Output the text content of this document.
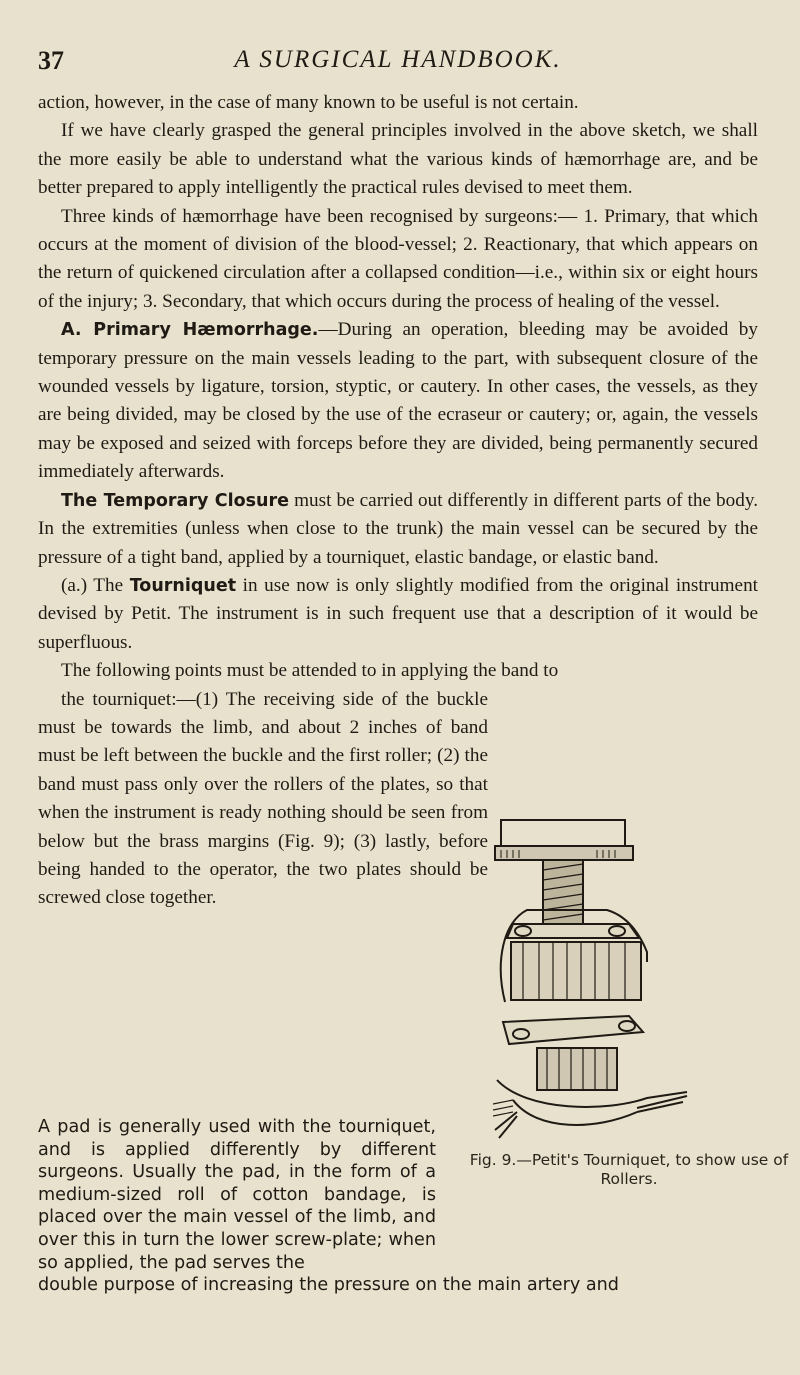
37	A SURGICAL HANDBOOK.

action, however, in the case of many known to be useful is not certain.

If we have clearly grasped the general principles involved in the above sketch, we shall the more easily be able to understand what the various kinds of hæmorrhage are, and be better prepared to apply intelligently the practical rules devised to meet them.

Three kinds of hæmorrhage have been recognised by surgeons:— 1. Primary, that which occurs at the moment of division of the blood-vessel; 2. Reactionary, that which appears on the return of quickened circulation after a collapsed condition—i.e., within six or eight hours of the injury; 3. Secondary, that which occurs during the process of healing of the vessel.

A. Primary Hæmorrhage.—During an operation, bleeding may be avoided by temporary pressure on the main vessels leading to the part, with subsequent closure of the wounded vessels by ligature, torsion, styptic, or cautery. In other cases, the vessels, as they are being divided, may be closed by the use of the ecraseur or cautery; or, again, the vessels may be exposed and seized with forceps before they are divided, being permanently secured immediately afterwards.

The Temporary Closure must be carried out differently in different parts of the body. In the extremities (unless when close to the trunk) the main vessel can be secured by the pressure of a tight band, applied by a tourniquet, elastic bandage, or elastic band.

(a.) The Tourniquet in use now is only slightly modified from the original instrument devised by Petit. The instrument is in such frequent use that a description of it would be superfluous.

The following points must be attended to in applying the band to
the tourniquet:—(1) The receiving side of the buckle must be towards the limb, and about 2 inches of band must be left between the buckle and the first roller; (2) the band must pass only over the rollers of the plates, so that when the instrument is ready nothing should be seen from below but the brass margins (Fig. 9); (3) lastly, before being handed to the operator, the two plates should be screwed close together.

Fig. 9.—Petit's Tourniquet, to show use of Rollers.
A pad is generally used with the tourniquet, and is applied differently by different surgeons. Usually the pad, in the form of a medium-sized roll of cotton bandage, is placed over the main vessel of the limb, and over this in turn the lower screw-plate; when so applied, the pad serves the
double purpose of increasing the pressure on the main artery and
